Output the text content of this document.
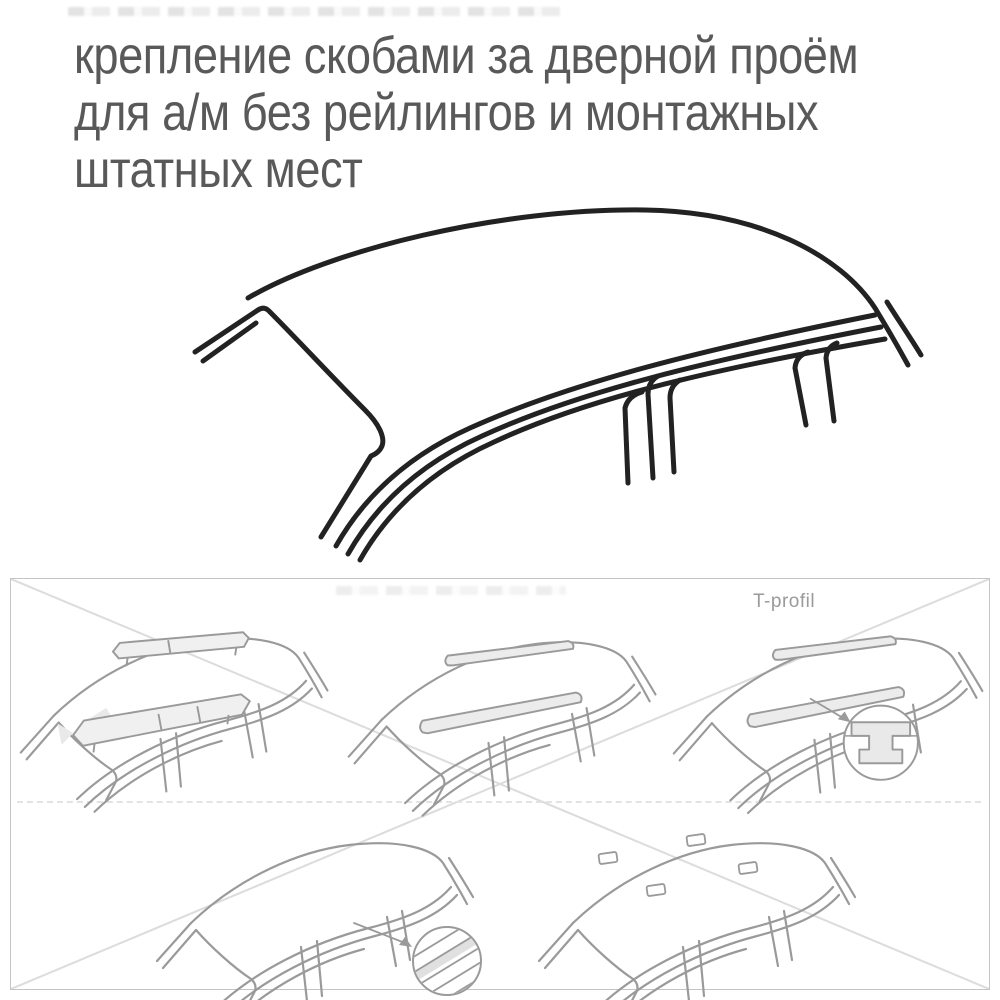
крепление скобами за дверной проём
для а/м без рейлингов и монтажных
штатных мест
T-profil
